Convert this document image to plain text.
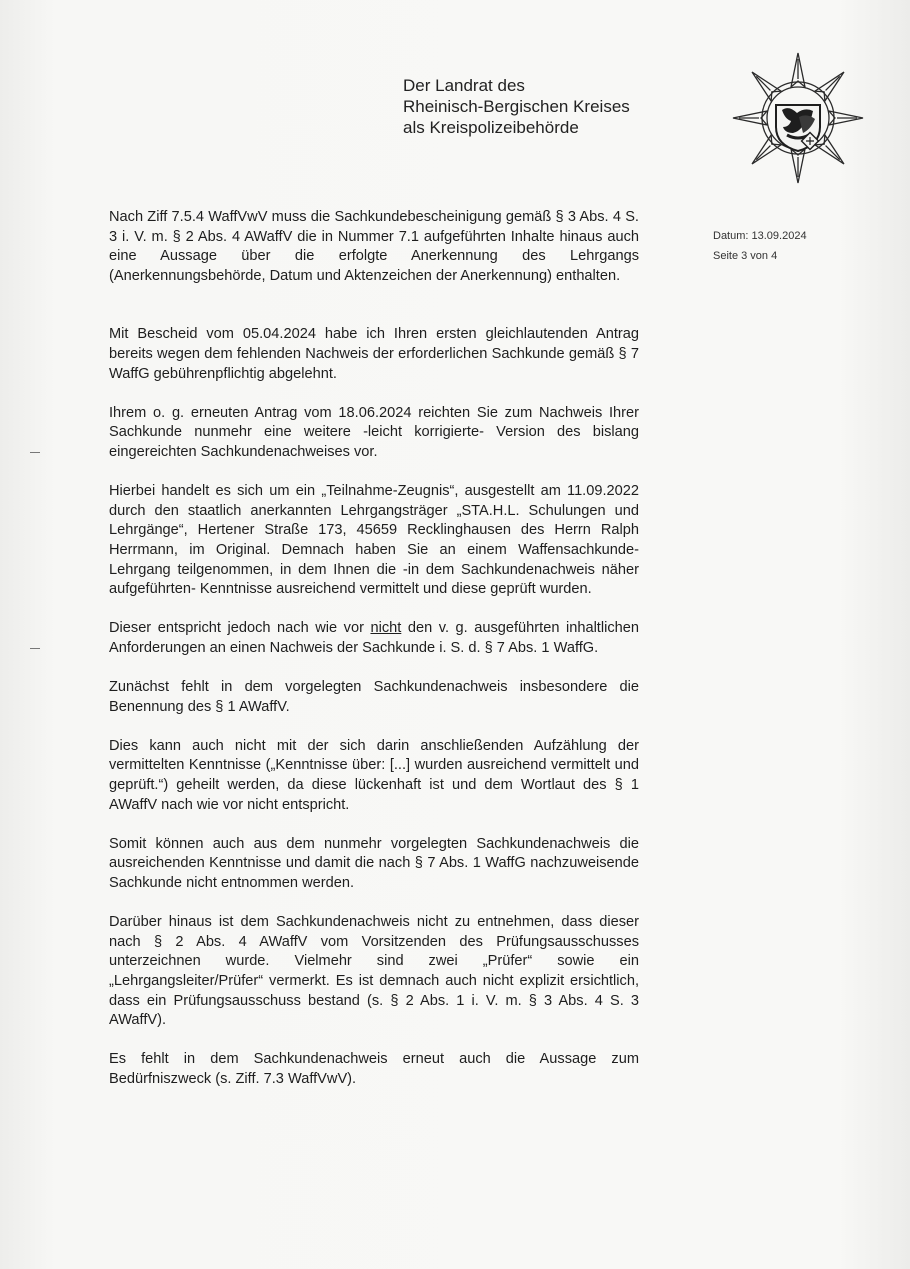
Der Landrat des
Rheinisch-Bergischen Kreises
als Kreispolizeibehörde
Datum: 13.09.2024
Seite 3 von 4

Nach Ziff 7.5.4 WaffVwV muss die Sachkundebescheinigung gemäß § 3 Abs. 4 S. 3 i. V. m. § 2 Abs. 4 AWaffV die in Nummer 7.1 aufgeführten Inhalte hinaus auch eine Aussage über die erfolgte Anerkennung des Lehrgangs (Anerkennungsbehörde, Datum und Aktenzeichen der Anerkennung) enthalten.

Mit Bescheid vom 05.04.2024 habe ich Ihren ersten gleichlautenden Antrag bereits wegen dem fehlenden Nachweis der erforderlichen Sachkunde gemäß § 7 WaffG gebührenpflichtig abgelehnt.

Ihrem o. g. erneuten Antrag vom 18.06.2024 reichten Sie zum Nachweis Ihrer Sachkunde nunmehr eine weitere -leicht korrigierte- Version des bislang eingereichten Sachkundenachweises vor.

Hierbei handelt es sich um ein „Teilnahme-Zeugnis“, ausgestellt am 11.09.2022 durch den staatlich anerkannten Lehrgangsträger „STA.H.L. Schulungen und Lehrgänge“, Hertener Straße 173, 45659 Recklinghausen des Herrn Ralph Herrmann, im Original. Demnach haben Sie an einem Waffensachkunde-Lehrgang teilgenommen, in dem Ihnen die -in dem Sachkundenachweis näher aufgeführten- Kenntnisse ausreichend vermittelt und diese geprüft wurden.

Dieser entspricht jedoch nach wie vor nicht den v. g. ausgeführten inhaltlichen Anforderungen an einen Nachweis der Sachkunde i. S. d. § 7 Abs. 1 WaffG.

Zunächst fehlt in dem vorgelegten Sachkundenachweis insbesondere die Benennung des § 1 AWaffV.

Dies kann auch nicht mit der sich darin anschließenden Aufzählung der vermittelten Kenntnisse („Kenntnisse über: [...] wurden ausreichend vermittelt und geprüft.“) geheilt werden, da diese lückenhaft ist und dem Wortlaut des § 1 AWaffV nach wie vor nicht entspricht.

Somit können auch aus dem nunmehr vorgelegten Sachkundenachweis die ausreichenden Kenntnisse und damit die nach § 7 Abs. 1 WaffG nachzuweisende Sachkunde nicht entnommen werden.

Darüber hinaus ist dem Sachkundenachweis nicht zu entnehmen, dass dieser nach § 2 Abs. 4 AWaffV vom Vorsitzenden des Prüfungsausschusses unterzeichnen wurde. Vielmehr sind zwei „Prüfer“ sowie ein „Lehrgangsleiter/Prüfer“ vermerkt. Es ist demnach auch nicht explizit ersichtlich, dass ein Prüfungsausschuss bestand (s. § 2 Abs. 1 i. V. m. § 3 Abs. 4 S. 3 AWaffV).

Es fehlt in dem Sachkundenachweis erneut auch die Aussage zum Bedürfniszweck (s. Ziff. 7.3 WaffVwV).
